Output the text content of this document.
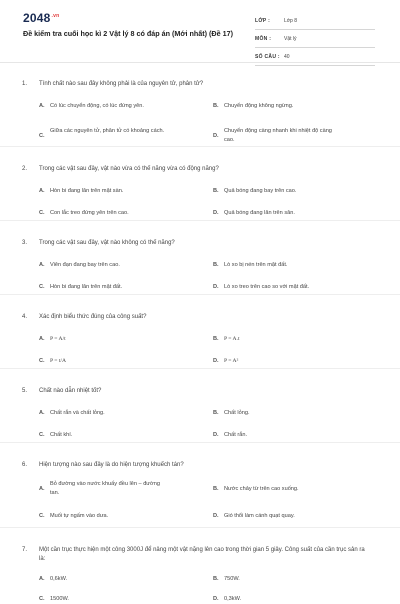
$2048^{.vn}$
Đề kiểm tra cuối học kì 2 Vật lý 8 có đáp án (Mới nhất) (Đề 17)
LỚP :	Lớp 8
MÔN :	Vật lý
SỐ CÂU : 40
1. Tính chất nào sau đây không phải là của nguyên tử, phân tử?
A. Có lúc chuyển động, có lúc đứng yên.	B. Chuyển động không ngừng.
C.
Giữa các nguyên tử, phân tử có khoảng cách.
D.
Chuyển động càng nhanh khi nhiệt độ càng cao.
2. Trong các vật sau đây, vật nào vừa có thế năng vừa có động năng?
A. Hòn bi đang lăn trên mặt sàn.	B. Quả bóng đang bay trên cao.
C. Con lắc treo đứng yên trên cao.	D. Quả bóng đang lăn trên sân.
3. Trong các vật sau đây, vật nào không có thế năng?
A. Viên đạn đang bay trên cao.	B. Lò xo bị nén trên mặt đất.
C. Hòn bi đang lăn trên mặt đất.	D. Lò xo treo trên cao so với mặt đất.
4. Xác định biểu thức đúng của công suất?
A. P = A/t	B. P = A.t
C. P = t/A	D. P = A²
5. Chất nào dẫn nhiệt tốt?
A. Chất rắn và chất lỏng.	B. Chất lỏng.
C. Chất khí.	D. Chất rắn.
6. Hiện tượng nào sau đây là do hiện tượng khuếch tán?
A.
Bỏ đường vào nước khuấy đều lên – đường tan.
B. Nước chảy từ trên cao xuống.
C. Muối tự ngấm vào dưa.	D. Gió thổi làm cánh quạt quay.
7. Một cần trục thực hiện một công 3000J để nâng một vật nặng lên cao trong thời gian 5 giây. Công suất của cần trục sản ra là:
A. 0,6kW.	B. 750W.
C. 1500W.	D. 0,3kW.
